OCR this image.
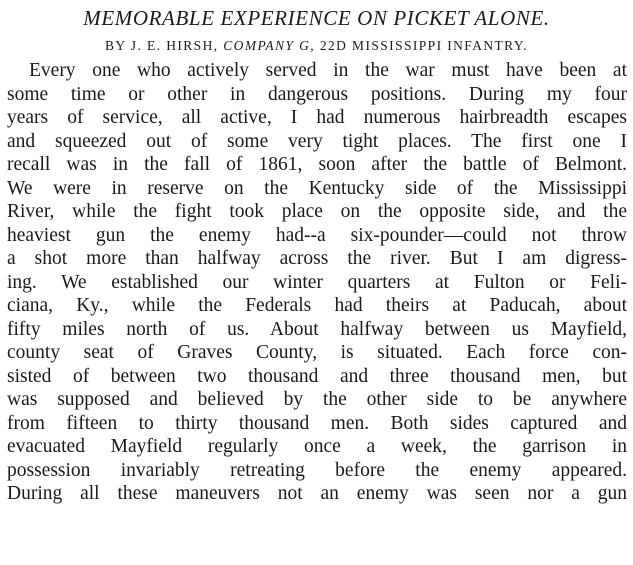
MEMORABLE EXPERIENCE ON PICKET ALONE.
BY J. E. HIRSH, COMPANY G, 22D MISSISSIPPI INFANTRY.
Every one who actively served in the war must have been at
some time or other in dangerous positions. During my four
years of service, all active, I had numerous hairbreadth escapes
and squeezed out of some very tight places. The first one I
recall was in the fall of 1861, soon after the battle of Belmont.
We were in reserve on the Kentucky side of the Mississippi
River, while the fight took place on the opposite side, and the
heaviest gun the enemy had--a six-pounder—could not throw
a shot more than halfway across the river. But I am digress-
ing. We established our winter quarters at Fulton or Feli-
ciana, Ky., while the Federals had theirs at Paducah, about
fifty miles north of us. About halfway between us Mayfield,
county seat of Graves County, is situated. Each force con-
sisted of between two thousand and three thousand men, but
was supposed and believed by the other side to be anywhere
from fifteen to thirty thousand men. Both sides captured and
evacuated Mayfield regularly once a week, the garrison in
possession invariably retreating before the enemy appeared.
During all these maneuvers not an enemy was seen nor a gun
